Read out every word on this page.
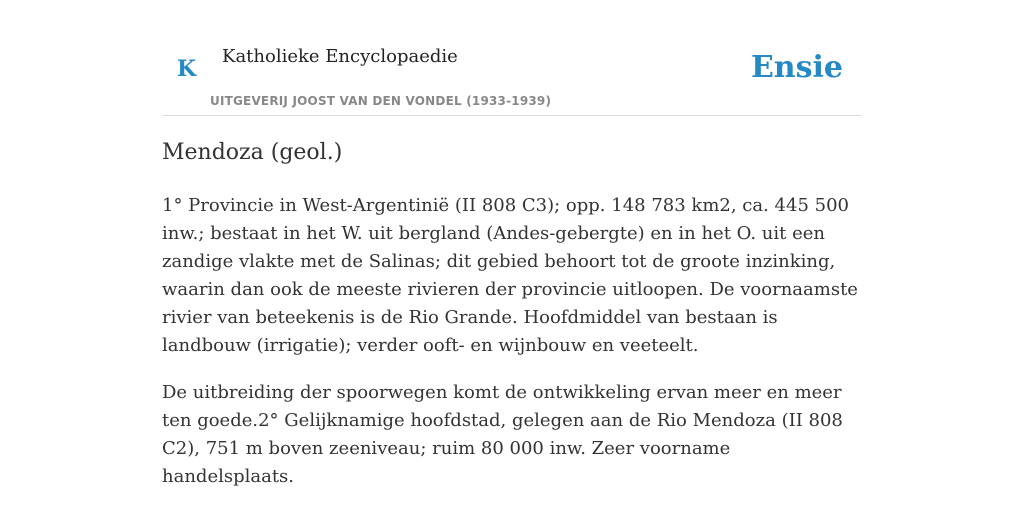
K Katholieke Encyclopaedie
UITGEVERIJ JOOST VAN DEN VONDEL (1933-1939)
Ensie
Mendoza (geol.)

1° Provincie in West-Argentinië (II 808 C3); opp. 148 783 km2, ca. 445 500 inw.; bestaat in het W. uit bergland (Andes-gebergte) en in het O. uit een zandige vlakte met de Salinas; dit gebied behoort tot de groote inzinking, waarin dan ook de meeste rivieren der provincie uitloopen. De voornaamste rivier van beteekenis is de Rio Grande. Hoofdmiddel van bestaan is landbouw (irrigatie); verder ooft- en wijnbouw en veeteelt.

De uitbreiding der spoorwegen komt de ontwikkeling ervan meer en meer ten goede.2° Gelijknamige hoofdstad, gelegen aan de Rio Mendoza (II 808 C2), 751 m boven zeeniveau; ruim 80 000 inw. Zeer voorname handelsplaats.
